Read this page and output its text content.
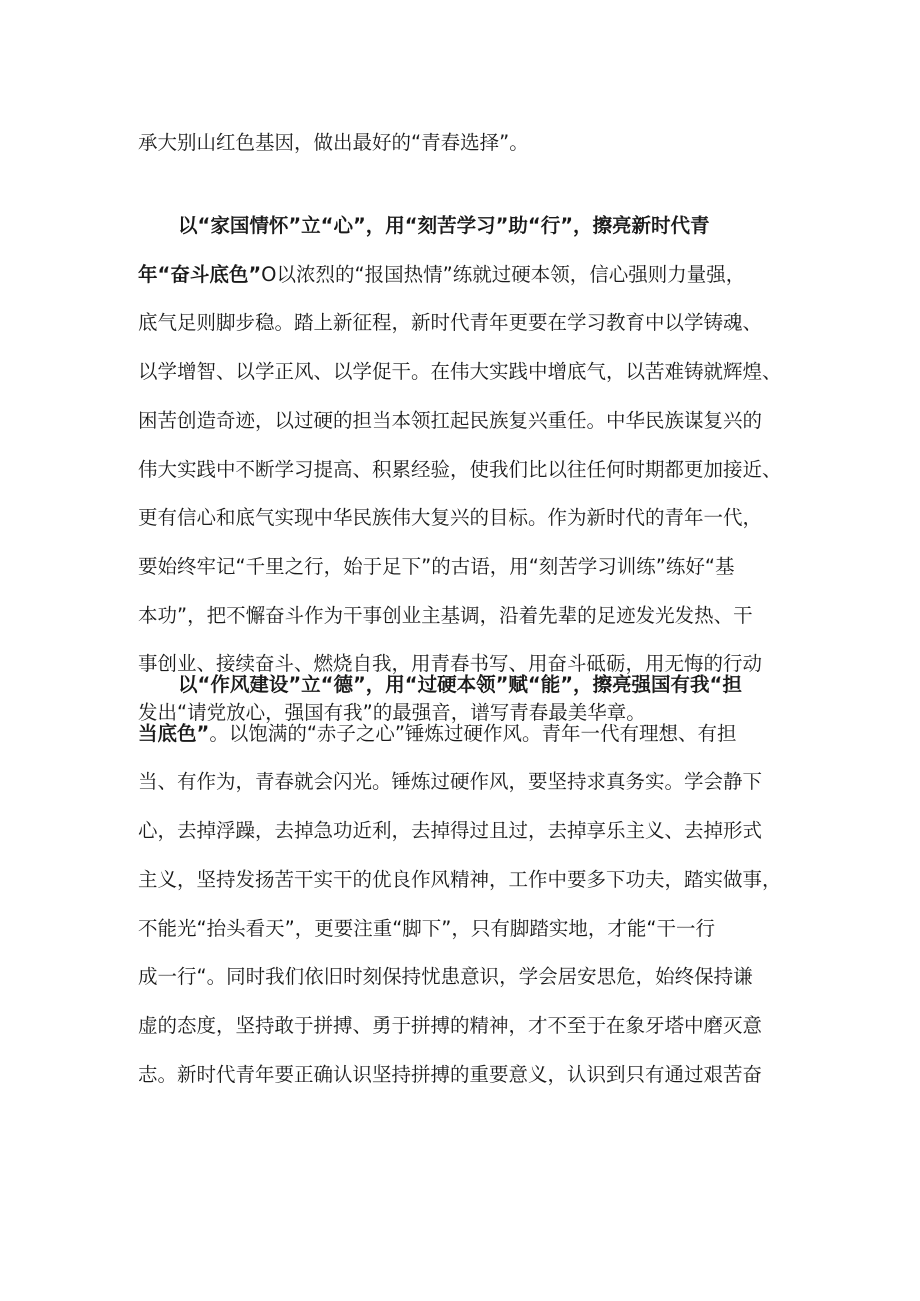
承大别山红色基因，做出最好的“青春选择”。
以“家国情怀”立“心”，用“刻苦学习”助“行”，擦亮新时代青
年“奋斗底色”O以浓烈的“报国热情”练就过硬本领，信心强则力量强，
底气足则脚步稳。踏上新征程，新时代青年更要在学习教育中以学铸魂、
以学增智、以学正风、以学促干。在伟大实践中增底气，以苦难铸就辉煌、
困苦创造奇迹，以过硬的担当本领扛起民族复兴重任。中华民族谋复兴的
伟大实践中不断学习提高、积累经验，使我们比以往任何时期都更加接近、
更有信心和底气实现中华民族伟大复兴的目标。作为新时代的青年一代，
要始终牢记“千里之行，始于足下”的古语，用“刻苦学习训练”练好“基
本功”，把不懈奋斗作为干事创业主基调，沿着先辈的足迹发光发热、干
事创业、接续奋斗、燃烧自我，用青春书写、用奋斗砥砺，用无悔的行动
发出“请党放心，强国有我”的最强音，谱写青春最美华章。
以“作风建设”立“德”，用“过硬本领”赋“能”，擦亮强国有我“担
当底色”。以饱满的“赤子之心”锤炼过硬作风。青年一代有理想、有担
当、有作为，青春就会闪光。锤炼过硬作风，要坚持求真务实。学会静下
心，去掉浮躁，去掉急功近利，去掉得过且过，去掉享乐主义、去掉形式
主义，坚持发扬苦干实干的优良作风精神，工作中要多下功夫，踏实做事，
不能光“抬头看天”，更要注重“脚下”，只有脚踏实地，才能“干一行
成一行“。同时我们依旧时刻保持忧患意识，学会居安思危，始终保持谦
虚的态度，坚持敢于拼搏、勇于拼搏的精神，才不至于在象牙塔中磨灭意
志。新时代青年要正确认识坚持拼搏的重要意义，认识到只有通过艰苦奋
